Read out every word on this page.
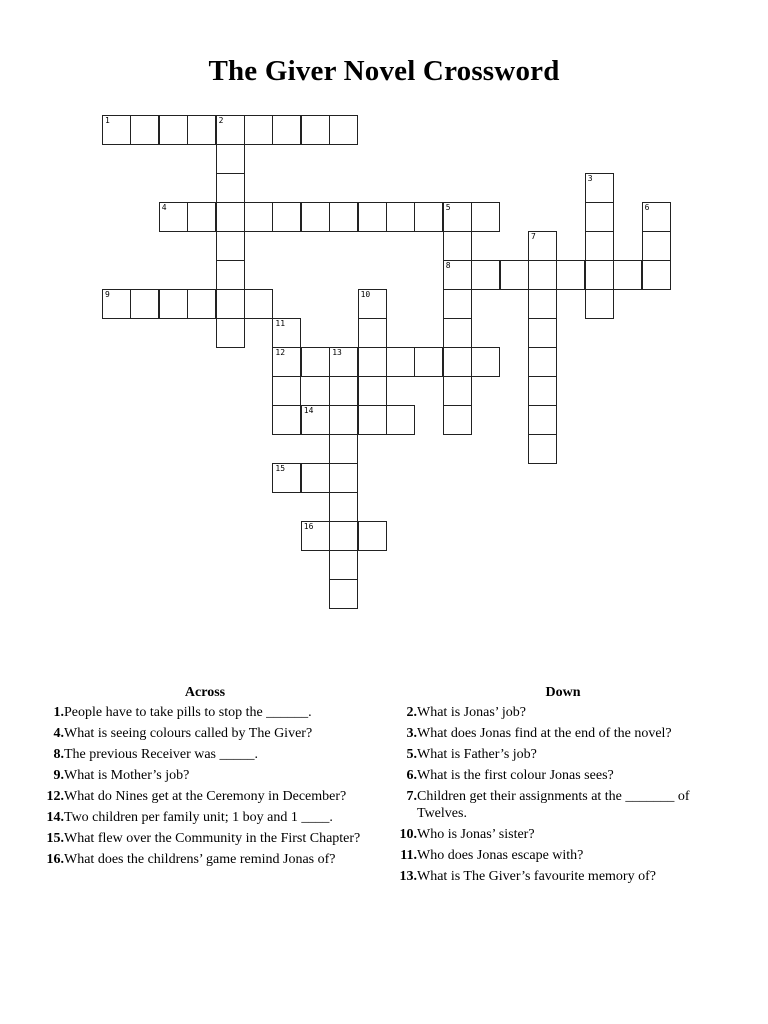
The Giver Novel Crossword
1	2
3
4	5
8
6
7
9	10
11
12	13
14
15
16
Across
1. People have to take pills to stop the ______.
4. What is seeing colours called by The Giver?
8. The previous Receiver was _____.
9. What is Mother’s job?
12. What do Nines get at the Ceremony in December?
14. Two children per family unit; 1 boy and 1 ____.
15. What flew over the Community in the First Chapter?
16. What does the childrens’ game remind Jonas of?
Down
2. What is Jonas’ job?
3. What does Jonas find at the end of the novel?
5. What is Father’s job?
6. What is the first colour Jonas sees?
7. Children get their assignments at the _______ of Twelves.
10. Who is Jonas’ sister?
11. Who does Jonas escape with?
13. What is The Giver’s favourite memory of?
